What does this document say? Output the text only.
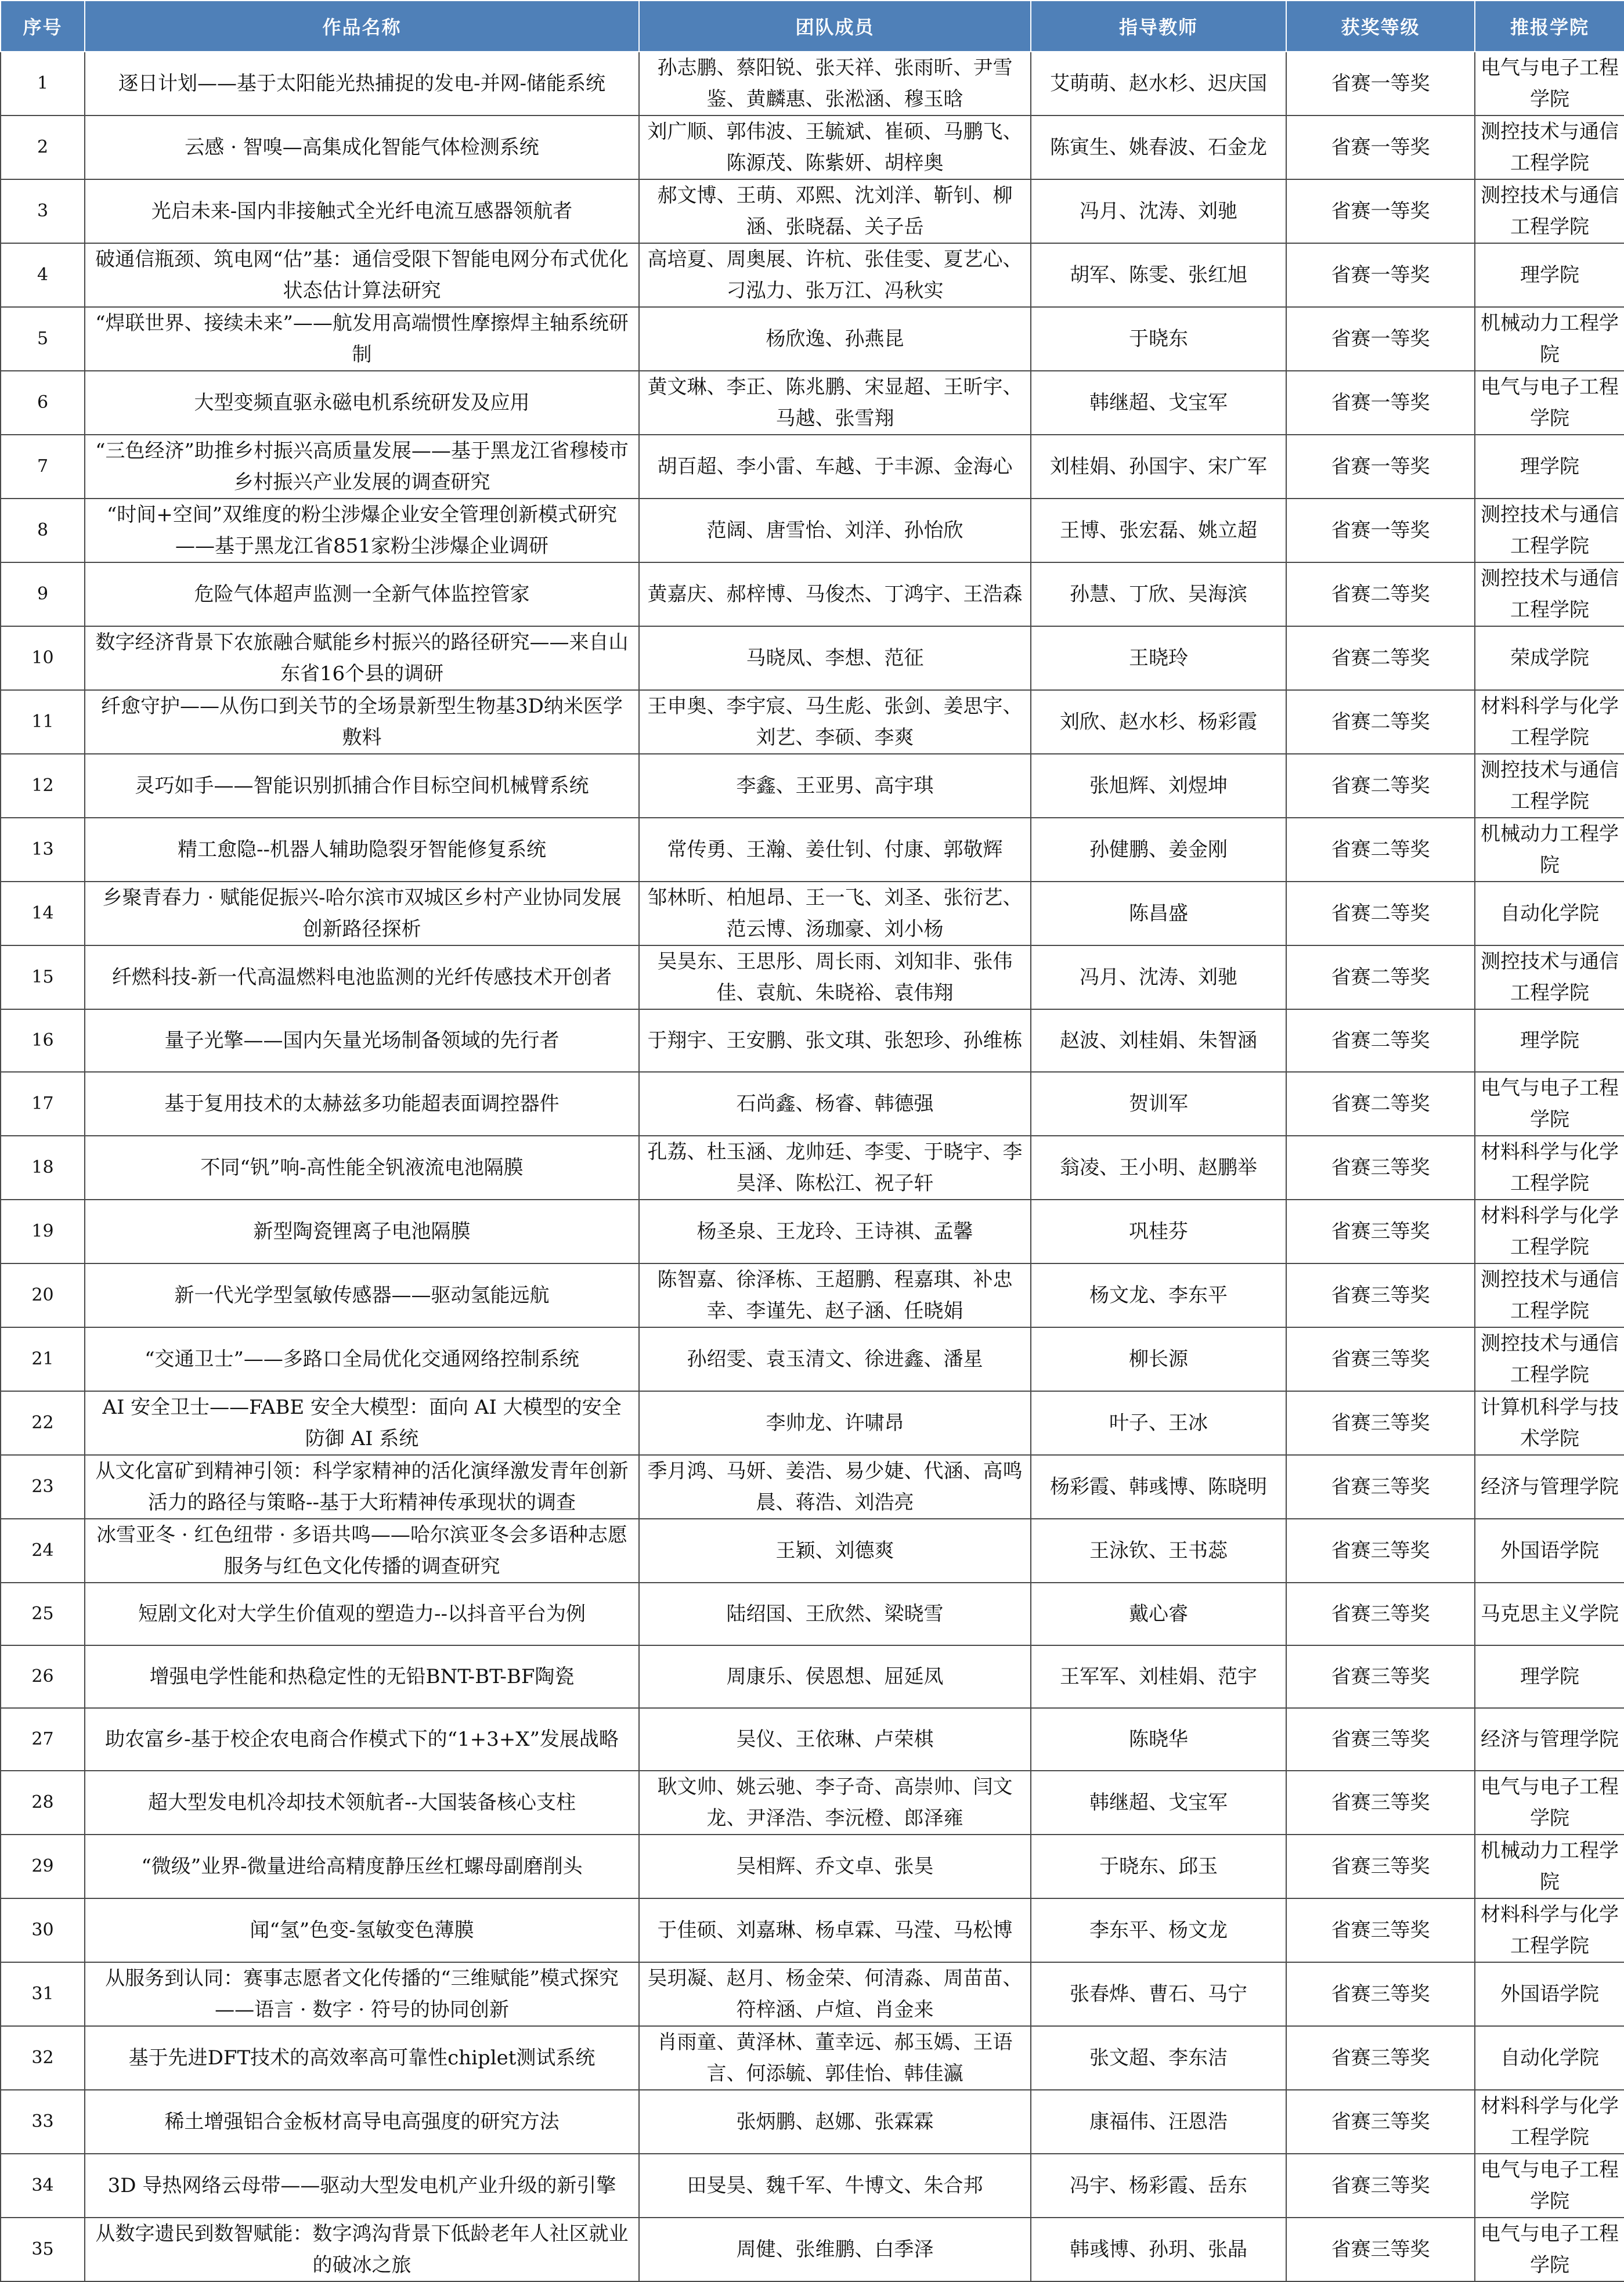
序号	作品名称	团队成员	指导教师	获奖等级	推报学院
1	逐日计划——基于太阳能光热捕捉的发电-并网-储能系统	孙志鹏、蔡阳锐、张天祥、张雨昕、尹雪鉴、黄麟惠、张淞涵、穆玉晗	艾萌萌、赵水杉、迟庆国	省赛一等奖	电气与电子工程学院
2	云感 · 智嗅—高集成化智能气体检测系统	刘广顺、郭伟波、王毓斌、崔硕、马鹏飞、陈源茂、陈紫妍、胡梓奥	陈寅生、姚春波、石金龙	省赛一等奖	测控技术与通信工程学院
3	光启未来-国内非接触式全光纤电流互感器领航者	郝文博、王萌、邓熙、沈刘洋、靳钊、柳涵、张晓磊、关子岳	冯月、沈涛、刘驰	省赛一等奖	测控技术与通信工程学院
4	破通信瓶颈、筑电网“估”基：通信受限下智能电网分布式优化状态估计算法研究	高培夏、周奥展、许杭、张佳雯、夏艺心、刁泓力、张万江、冯秋实	胡军、陈雯、张红旭	省赛一等奖	理学院
5	“焊联世界、接续未来”——航发用高端惯性摩擦焊主轴系统研制	杨欣逸、孙燕昆	于晓东	省赛一等奖	机械动力工程学院
6	大型变频直驱永磁电机系统研发及应用	黄文琳、李正、陈兆鹏、宋显超、王昕宇、马越、张雪翔	韩继超、戈宝军	省赛一等奖	电气与电子工程学院
7	“三色经济”助推乡村振兴高质量发展——基于黑龙江省穆棱市乡村振兴产业发展的调查研究	胡百超、李小雷、车越、于丰源、金海心	刘桂娟、孙国宇、宋广军	省赛一等奖	理学院
8	“时间+空间”双维度的粉尘涉爆企业安全管理创新模式研究——基于黑龙江省851家粉尘涉爆企业调研	范阔、唐雪怡、刘洋、孙怡欣	王博、张宏磊、姚立超	省赛一等奖	测控技术与通信工程学院
9	危险气体超声监测一全新气体监控管家	黄嘉庆、郝梓博、马俊杰、丁鸿宇、王浩森	孙慧、丁欣、吴海滨	省赛二等奖	测控技术与通信工程学院
10	数字经济背景下农旅融合赋能乡村振兴的路径研究——来自山东省16个县的调研	马晓凤、李想、范征	王晓玲	省赛二等奖	荣成学院
11	纤愈守护——从伤口到关节的全场景新型生物基3D纳米医学敷料	王申奥、李宇宸、马生彪、张剑、姜思宇、刘艺、李硕、李爽	刘欣、赵水杉、杨彩霞	省赛二等奖	材料科学与化学工程学院
12	灵巧如手——智能识别抓捕合作目标空间机械臂系统	李鑫、王亚男、高宇琪	张旭辉、刘煜坤	省赛二等奖	测控技术与通信工程学院
13	精工愈隐--机器人辅助隐裂牙智能修复系统	常传勇、王瀚、姜仕钊、付康、郭敬辉	孙健鹏、姜金刚	省赛二等奖	机械动力工程学院
14	乡聚青春力 · 赋能促振兴-哈尔滨市双城区乡村产业协同发展创新路径探析	邹林昕、柏旭昂、王一飞、刘圣、张衍艺、范云博、汤珈豪、刘小杨	陈昌盛	省赛二等奖	自动化学院
15	纤燃科技-新一代高温燃料电池监测的光纤传感技术开创者	吴昊东、王思彤、周长雨、刘知非、张伟佳、袁航、朱晓裕、袁伟翔	冯月、沈涛、刘驰	省赛二等奖	测控技术与通信工程学院
16	量子光擎——国内矢量光场制备领域的先行者	于翔宇、王安鹏、张文琪、张恕珍、孙维栋	赵波、刘桂娟、朱智涵	省赛二等奖	理学院
17	基于复用技术的太赫兹多功能超表面调控器件	石尚鑫、杨睿、韩德强	贺训军	省赛二等奖	电气与电子工程学院
18	不同“钒”响-高性能全钒液流电池隔膜	孔荔、杜玉涵、龙帅廷、李雯、于晓宇、李昊泽、陈松江、祝子轩	翁凌、王小明、赵鹏举	省赛三等奖	材料科学与化学工程学院
19	新型陶瓷锂离子电池隔膜	杨圣泉、王龙玲、王诗祺、孟馨	巩桂芬	省赛三等奖	材料科学与化学工程学院
20	新一代光学型氢敏传感器——驱动氢能远航	陈智嘉、徐泽栋、王超鹏、程嘉琪、补忠幸、李谨先、赵子涵、任晓娟	杨文龙、李东平	省赛三等奖	测控技术与通信工程学院
21	“交通卫士”——多路口全局优化交通网络控制系统	孙绍雯、袁玉清文、徐进鑫、潘星	柳长源	省赛三等奖	测控技术与通信工程学院
22	AI 安全卫士——FABE 安全大模型：面向 AI 大模型的安全防御 AI 系统	李帅龙、许啸昂	叶子、王冰	省赛三等奖	计算机科学与技术学院
23	从文化富矿到精神引领：科学家精神的活化演绎激发青年创新活力的路径与策略--基于大珩精神传承现状的调查	季月鸿、马妍、姜浩、易少婕、代涵、高鸣晨、蒋浩、刘浩亮	杨彩霞、韩彧博、陈晓明	省赛三等奖	经济与管理学院
24	冰雪亚冬 · 红色纽带 · 多语共鸣——哈尔滨亚冬会多语种志愿服务与红色文化传播的调查研究	王颖、刘德爽	王泳钦、王书蕊	省赛三等奖	外国语学院
25	短剧文化对大学生价值观的塑造力--以抖音平台为例	陆绍国、王欣然、梁晓雪	戴心睿	省赛三等奖	马克思主义学院
26	增强电学性能和热稳定性的无铅BNT-BT-BF陶瓷	周康乐、侯恩想、屈延凤	王军军、刘桂娟、范宇	省赛三等奖	理学院
27	助农富乡-基于校企农电商合作模式下的“1+3+X”发展战略	吴仪、王依琳、卢荣棋	陈晓华	省赛三等奖	经济与管理学院
28	超大型发电机冷却技术领航者--大国装备核心支柱	耿文帅、姚云驰、李子奇、高崇帅、闫文龙、尹泽浩、李沅橙、郎泽雍	韩继超、戈宝军	省赛三等奖	电气与电子工程学院
29	“微级”业界-微量进给高精度静压丝杠螺母副磨削头	吴相辉、乔文卓、张昊	于晓东、邱玉	省赛三等奖	机械动力工程学院
30	闻“氢”色变-氢敏变色薄膜	于佳硕、刘嘉琳、杨卓霖、马滢、马松博	李东平、杨文龙	省赛三等奖	材料科学与化学工程学院
31	从服务到认同：赛事志愿者文化传播的“三维赋能”模式探究——语言 · 数字 · 符号的协同创新	吴玥凝、赵月、杨金荣、何清淼、周苗苗、符梓涵、卢煊、肖金来	张春烨、曹石、马宁	省赛三等奖	外国语学院
32	基于先进DFT技术的高效率高可靠性chiplet测试系统	肖雨童、黄泽林、董幸远、郝玉嫣、王语言、何添毓、郭佳怡、韩佳瀛	张文超、李东洁	省赛三等奖	自动化学院
33	稀土增强铝合金板材高导电高强度的研究方法	张炳鹏、赵娜、张霖霖	康福伟、汪恩浩	省赛三等奖	材料科学与化学工程学院
34	3D 导热网络云母带——驱动大型发电机产业升级的新引擎	田旻昊、魏千军、牛博文、朱合邦	冯宇、杨彩霞、岳东	省赛三等奖	电气与电子工程学院
35	从数字遗民到数智赋能：数字鸿沟背景下低龄老年人社区就业的破冰之旅	周健、张维鹏、白季泽	韩彧博、孙玥、张晶	省赛三等奖	电气与电子工程学院
